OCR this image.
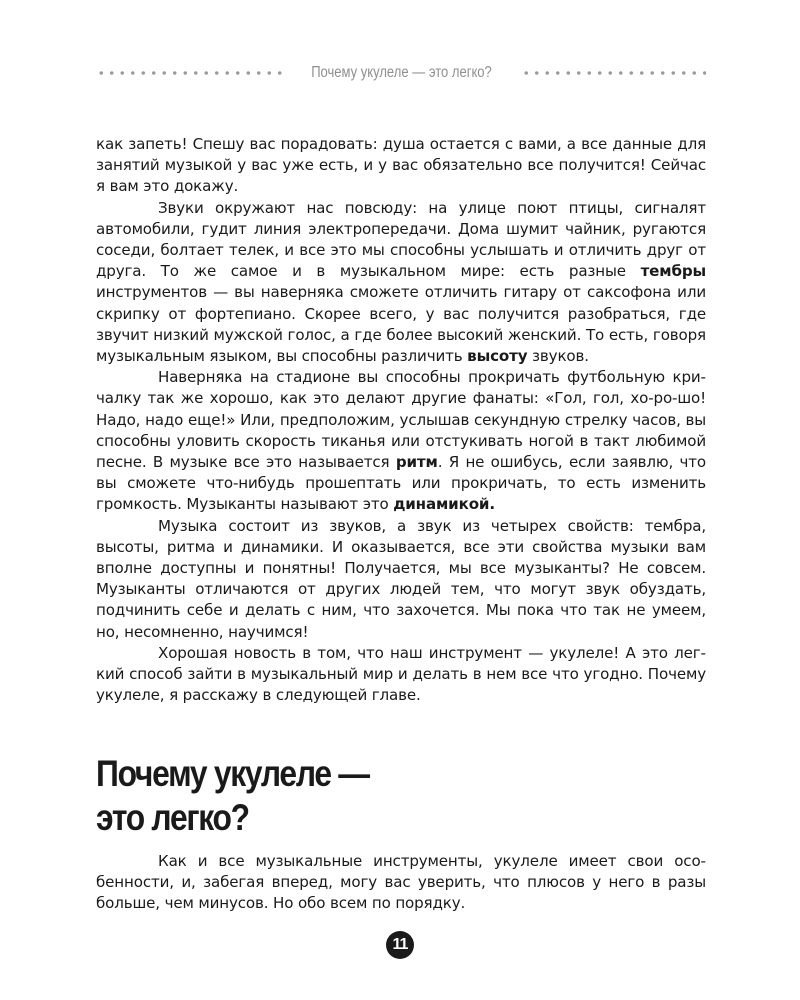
Почему укулеле — это легко?

как запеть! Спешу вас порадовать: душа остается с вами, а все данные для занятий музыкой у вас уже есть, и у вас обязательно все получится! Сейчас я вам это докажу.

Звуки окружают нас повсюду: на улице поют птицы, сигналят автомобили, гудит линия электропередачи. Дома шумит чайник, ругаются соседи, болтает телек, и все это мы способны услышать и отличить друг от друга. То же самое и в музыкальном мире: есть разные тембры инструментов — вы наверняка сможете отличить гитару от саксофона или скрипку от фортепиано. Скорее всего, у вас получится разобраться, где звучит низкий мужской голос, а где более высокий женский. То есть, говоря музыкальным языком, вы способны различить высоту звуков.

Наверняка на стадионе вы способны прокричать футбольную кричалку так же хорошо, как это делают другие фанаты: «Гол, гол, хо-ро-шо! Надо, надо еще!» Или, предположим, услышав секундную стрелку часов, вы способны уловить скорость тиканья или отстукивать ногой в такт любимой песне. В музыке все это называется ритм. Я не ошибусь, если заявлю, что вы сможете что-нибудь прошептать или прокричать, то есть изменить громкость. Музыканты называют это динамикой.

Музыка состоит из звуков, а звук из четырех свойств: тембра, высоты, ритма и динамики. И оказывается, все эти свойства музыки вам вполне доступны и понятны! Получается, мы все музыканты? Не совсем. Музыканты отличаются от других людей тем, что могут звук обуздать, подчинить себе и делать с ним, что захочется. Мы пока что так не умеем, но, несомненно, научимся!

Хорошая новость в том, что наш инструмент — укулеле! А это легкий способ зайти в музыкальный мир и делать в нем все что угодно. Почему укулеле, я расскажу в следующей главе.

Почему укулеле —
это легко?

Как и все музыкальные инструменты, укулеле имеет свои особенности, и, забегая вперед, могу вас уверить, что плюсов у него в разы больше, чем минусов. Но обо всем по порядку.

11
